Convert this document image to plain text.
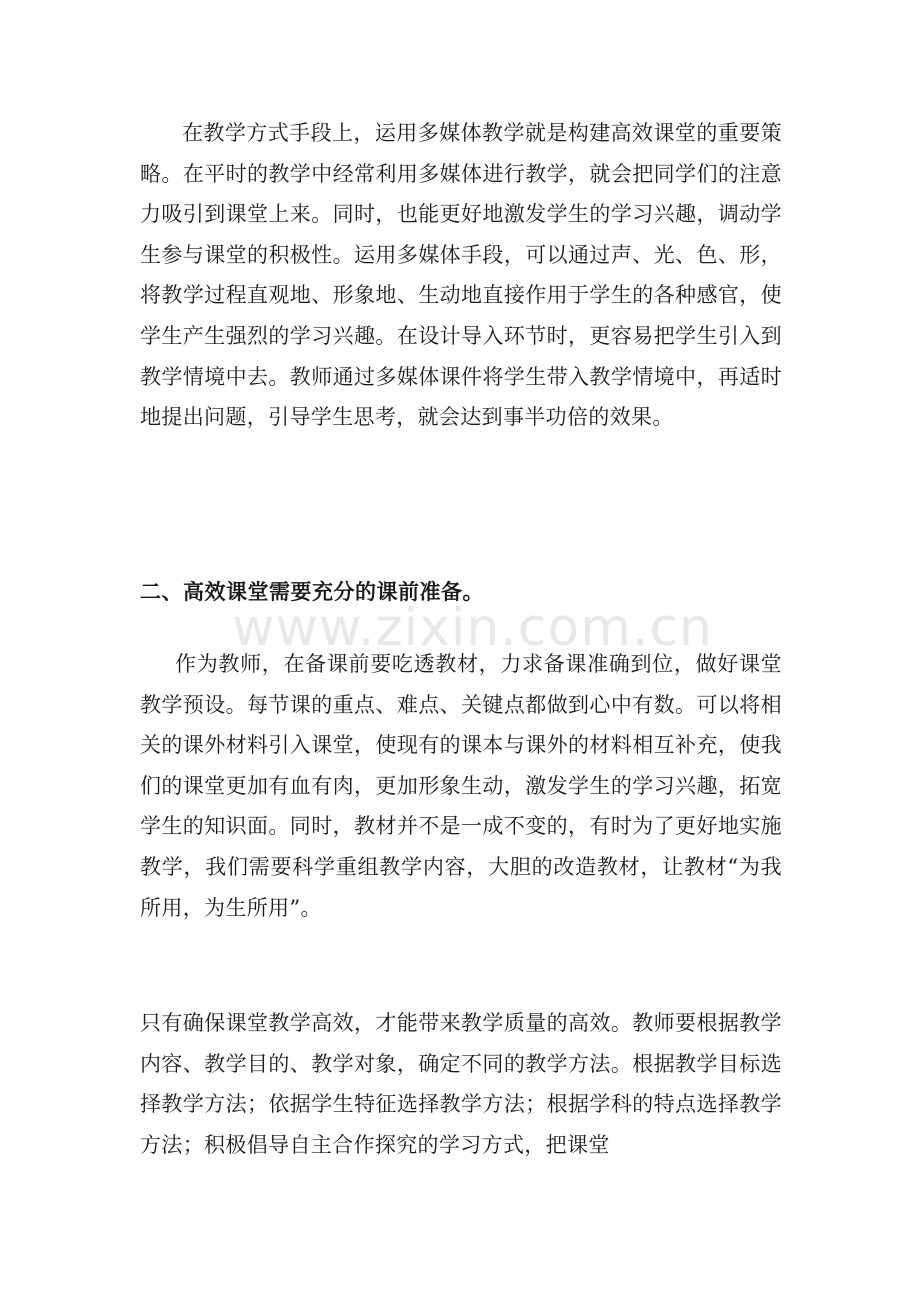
在教学方式手段上，运用多媒体教学就是构建高效课堂的重要策略。在平时的教学中经常利用多媒体进行教学，就会把同学们的注意力吸引到课堂上来。同时，也能更好地激发学生的学习兴趣，调动学生参与课堂的积极性。运用多媒体手段，可以通过声、光、色、形，将教学过程直观地、形象地、生动地直接作用于学生的各种感官，使学生产生强烈的学习兴趣。在设计导入环节时，更容易把学生引入到教学情境中去。教师通过多媒体课件将学生带入教学情境中，再适时地提出问题，引导学生思考，就会达到事半功倍的效果。

二、高效课堂需要充分的课前准备。

作为教师，在备课前要吃透教材，力求备课准确到位，做好课堂教学预设。每节课的重点、难点、关键点都做到心中有数。可以将相关的课外材料引入课堂，使现有的课本与课外的材料相互补充，使我们的课堂更加有血有肉，更加形象生动，激发学生的学习兴趣，拓宽学生的知识面。同时，教材并不是一成不变的，有时为了更好地实施教学，我们需要科学重组教学内容，大胆的改造教材，让教材“为我所用，为生所用”。

只有确保课堂教学高效，才能带来教学质量的高效。教师要根据教学内容、教学目的、教学对象，确定不同的教学方法。根据教学目标选择教学方法；依据学生特征选择教学方法；根据学科的特点选择教学方法；积极倡导自主合作探究的学习方式，把课堂

www.zixin.com.cn
